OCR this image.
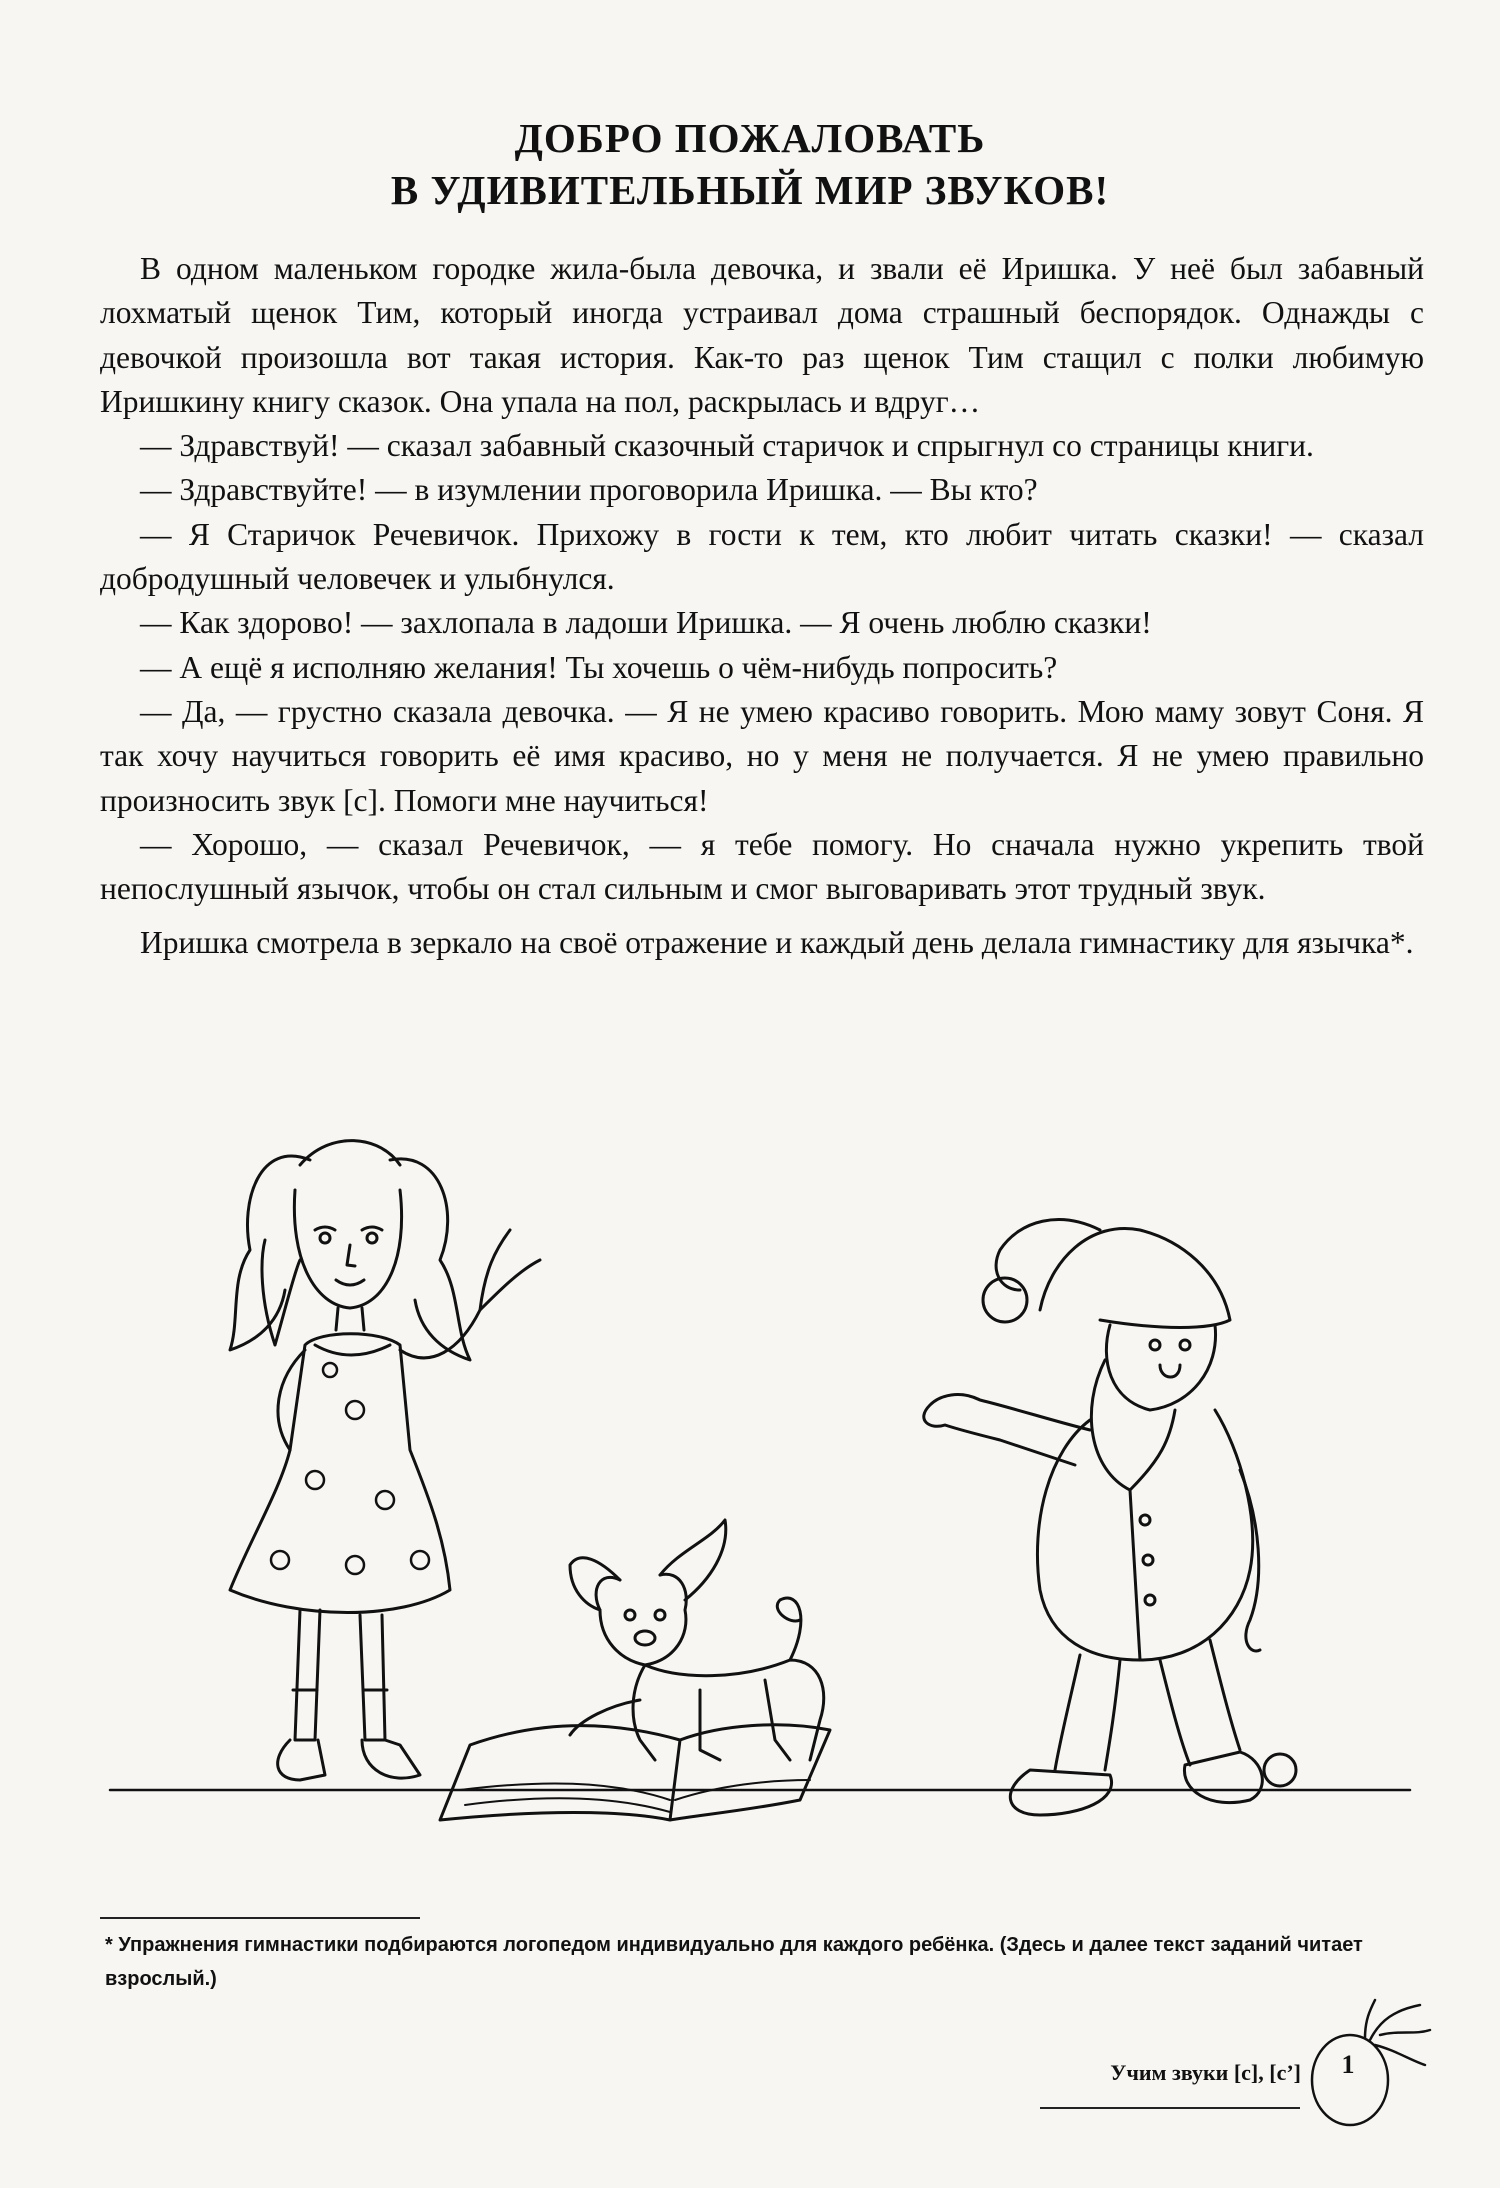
ДОБРО ПОЖАЛОВАТЬ
В УДИВИТЕЛЬНЫЙ МИР ЗВУКОВ!

В одном маленьком городке жила-была девочка, и звали её Иришка. У неё был забавный лохматый щенок Тим, который иногда устраивал дома страшный беспорядок. Однажды с девочкой произошла вот такая история. Как-то раз щенок Тим стащил с полки любимую Иришкину книгу сказок. Она упала на пол, раскрылась и вдруг…

— Здравствуй! — сказал забавный сказочный старичок и спрыгнул со страницы книги.

— Здравствуйте! — в изумлении проговорила Иришка. — Вы кто?

— Я Старичок Речевичок. Прихожу в гости к тем, кто любит читать сказки! — сказал добродушный человечек и улыбнулся.

— Как здорово! — захлопала в ладоши Иришка. — Я очень люблю сказки!

— А ещё я исполняю желания! Ты хочешь о чём-нибудь попросить?

— Да, — грустно сказала девочка. — Я не умею красиво говорить. Мою маму зовут Соня. Я так хочу научиться говорить её имя красиво, но у меня не получается. Я не умею правильно произносить звук [с]. Помоги мне научиться!

— Хорошо, — сказал Речевичок, — я тебе помогу. Но сначала нужно укрепить твой непослушный язычок, чтобы он стал сильным и смог выговаривать этот трудный звук.

Иришка смотрела в зеркало на своё отражение и каждый день делала гимнастику для язычка*.

* Упражнения гимнастики подбираются логопедом индивидуально для каждого ребёнка. (Здесь и далее текст заданий читает взрослый.)
Учим звуки [с], [с’]	1
